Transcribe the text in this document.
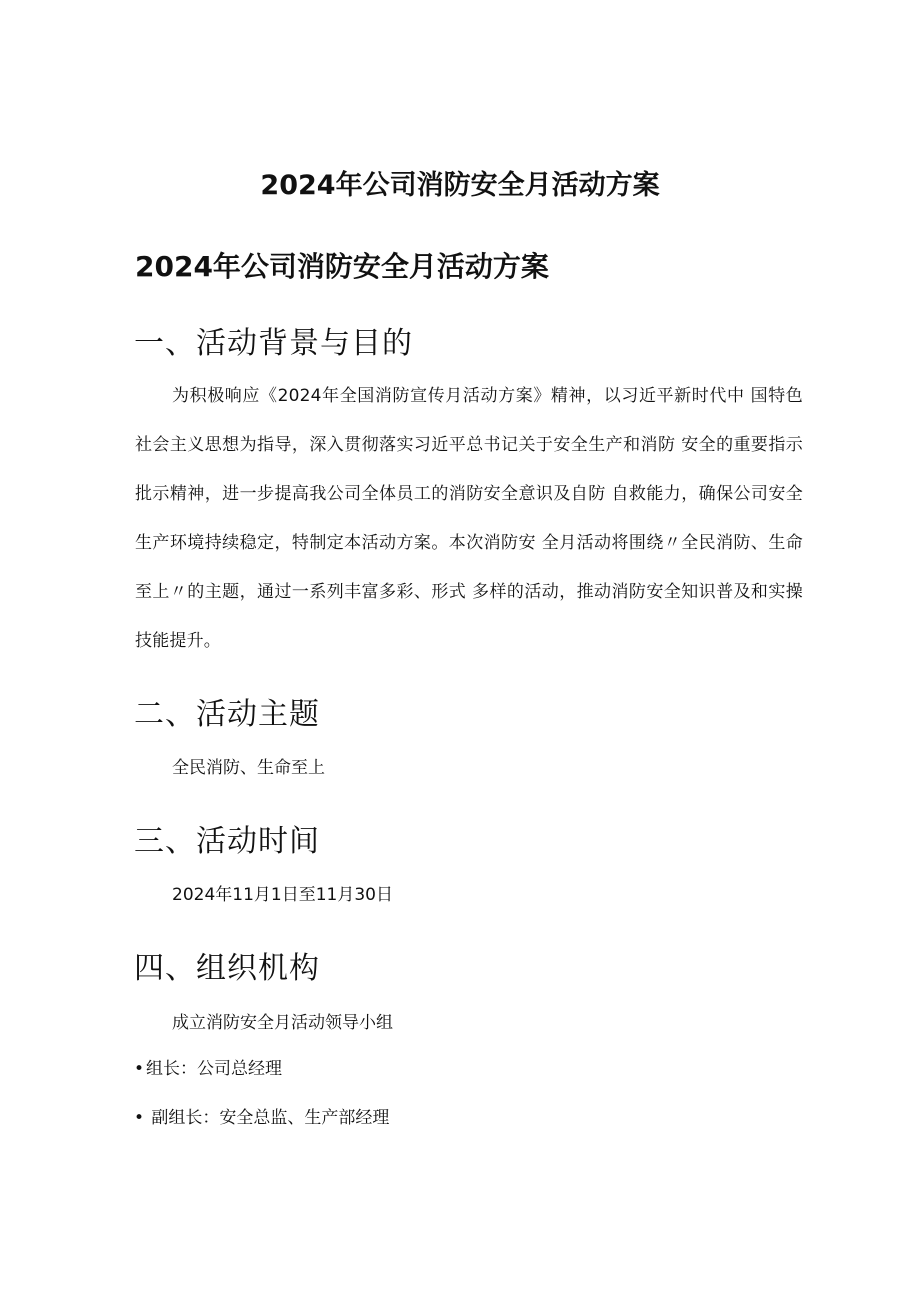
2024年公司消防安全月活动方案
2024年公司消防安全月活动方案
一、活动背景与目的

为积极响应《2024年全国消防宣传月活动方案》精神，以习近平新时代中 国特色社会主义思想为指导，深入贯彻落实习近平总书记关于安全生产和消防 安全的重要指示批示精神，进一步提高我公司全体员工的消防安全意识及自防 自救能力，确保公司安全生产环境持续稳定，特制定本活动方案。本次消防安 全月活动将围绕〃全民消防、生命至上〃的主题，通过一系列丰富多彩、形式 多样的活动，推动消防安全知识普及和实操技能提升。

二、活动主题

全民消防、生命至上

三、活动时间

2024年11月1日至11月30日

四、组织机构

成立消防安全月活动领导小组

• 组长：公司总经理

• 副组长：安全总监、生产部经理
